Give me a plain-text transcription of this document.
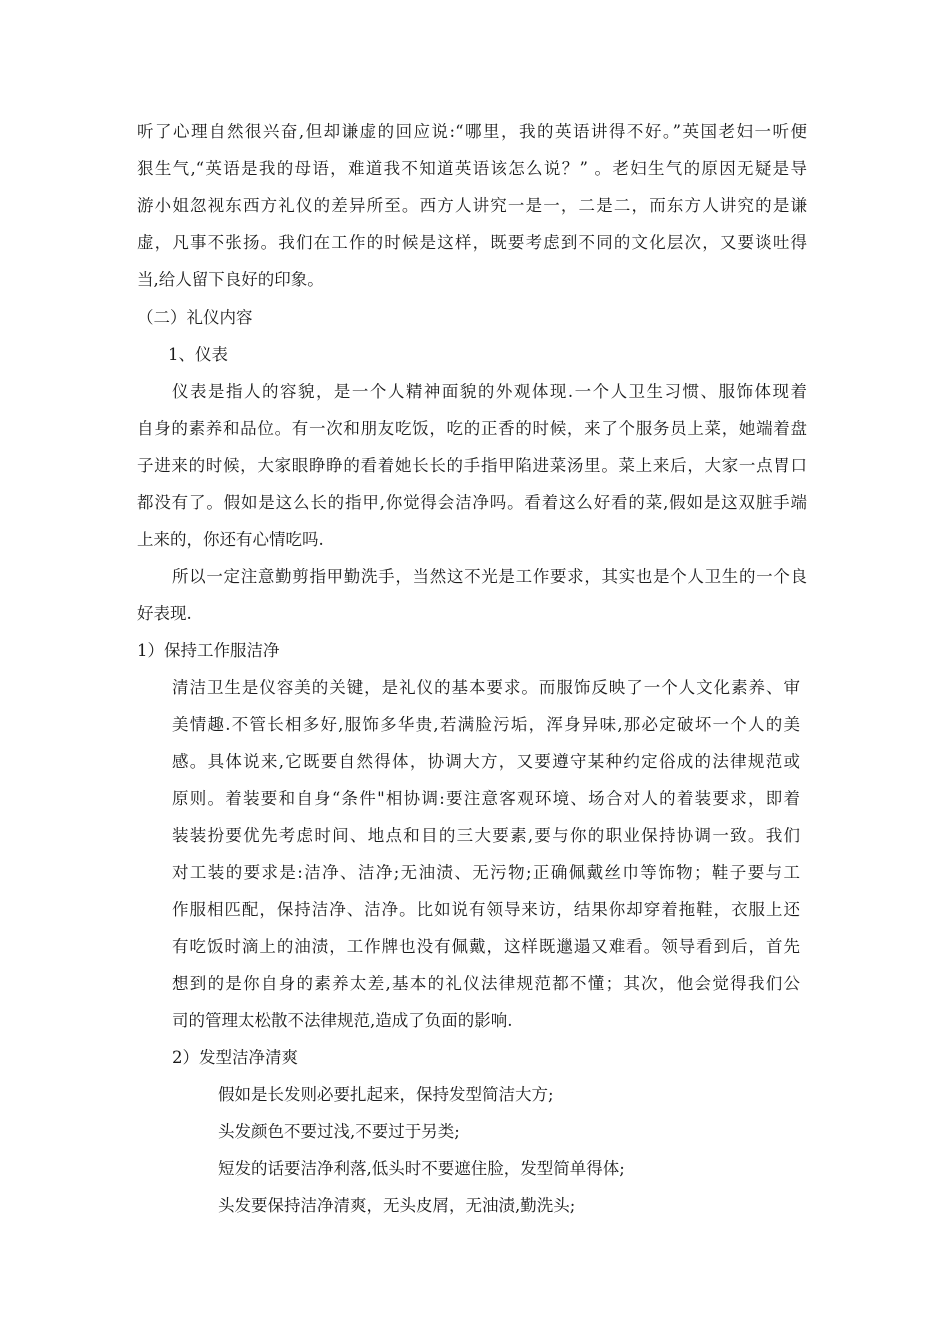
听了心理自然很兴奋,但却谦虚的回应说:“哪里，我的英语讲得不好。”英国老妇一听便
狠生气,“英语是我的母语，难道我不知道英语该怎么说？” 。老妇生气的原因无疑是导
游小姐忽视东西方礼仪的差异所至。西方人讲究一是一，二是二，而东方人讲究的是谦
虚，凡事不张扬。我们在工作的时候是这样，既要考虑到不同的文化层次，又要谈吐得
当,给人留下良好的印象。
（二）礼仪内容
1、仪表
仪表是指人的容貌，是一个人精神面貌的外观体现.一个人卫生习惯、服饰体现着
自身的素养和品位。有一次和朋友吃饭，吃的正香的时候，来了个服务员上菜，她端着盘
子进来的时候，大家眼睁睁的看着她长长的手指甲陷进菜汤里。菜上来后，大家一点胃口
都没有了。假如是这么长的指甲,你觉得会洁净吗。看着这么好看的菜,假如是这双脏手端
上来的，你还有心情吃吗.
所以一定注意勤剪指甲勤洗手，当然这不光是工作要求，其实也是个人卫生的一个良
好表现.
1）保持工作服洁净
清洁卫生是仪容美的关键，是礼仪的基本要求。而服饰反映了一个人文化素养、审
美情趣.不管长相多好,服饰多华贵,若满脸污垢，浑身异味,那必定破坏一个人的美
感。具体说来,它既要自然得体，协调大方，又要遵守某种约定俗成的法律规范或
原则。着装要和自身“条件"相协调:要注意客观环境、场合对人的着装要求，即着
装装扮要优先考虑时间、地点和目的三大要素,要与你的职业保持协调一致。我们
对工装的要求是:洁净、洁净;无油渍、无污物;正确佩戴丝巾等饰物；鞋子要与工
作服相匹配，保持洁净、洁净。比如说有领导来访，结果你却穿着拖鞋，衣服上还
有吃饭时滴上的油渍，工作牌也没有佩戴，这样既邋遢又难看。领导看到后，首先
想到的是你自身的素养太差,基本的礼仪法律规范都不懂；其次，他会觉得我们公
司的管理太松散不法律规范,造成了负面的影响.
2）发型洁净清爽
假如是长发则必要扎起来，保持发型简洁大方;
头发颜色不要过浅,不要过于另类;
短发的话要洁净利落,低头时不要遮住脸，发型简单得体;
头发要保持洁净清爽，无头皮屑，无油渍,勤洗头;
